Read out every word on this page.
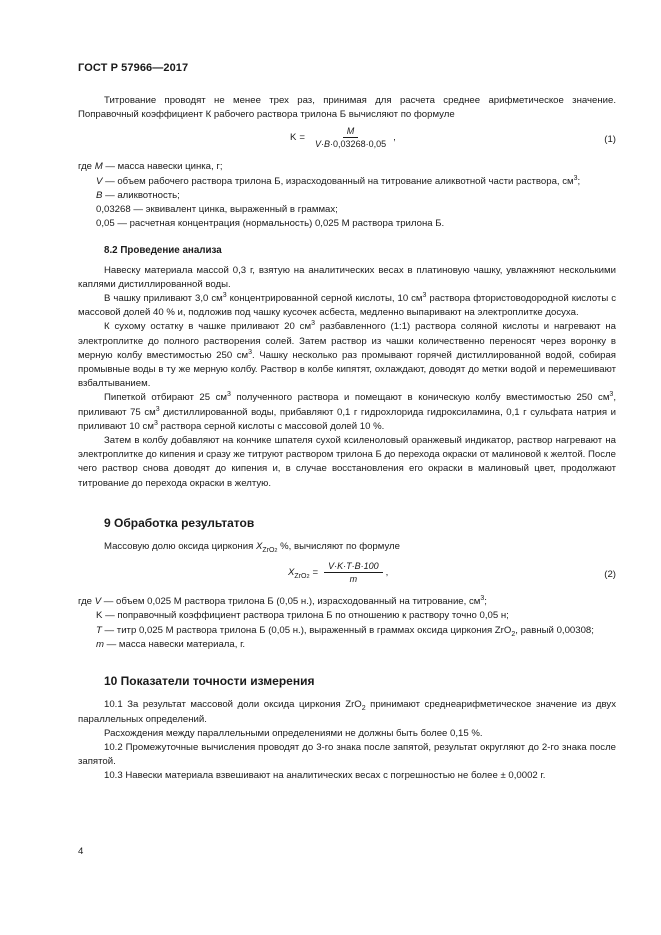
ГОСТ Р 57966—2017

Титрование проводят не менее трех раз, принимая для расчета среднее арифметическое значение. Поправочный коэффициент К рабочего раствора трилона Б вычисляют по формуле

$K = \frac{M}{V\cdot B\cdot 0,03268\cdot 0,05}$ ,	(1)

где M — масса навески цинка, г;

V — объем рабочего раствора трилона Б, израсходованный на титрование аликвотной части раствора, $см^3$;

B — аликвотность;

0,03268 — эквивалент цинка, выраженный в граммах;

0,05 — расчетная концентрация (нормальность) 0,025 М раствора трилона Б.

8.2 Проведение анализа

Навеску материала массой 0,3 г, взятую на аналитических весах в платиновую чашку, увлажняют несколькими каплями дистиллированной воды.

В чашку приливают 3,0 $см^3$ концентрированной серной кислоты, 10 $см^3$ раствора фтористоводородной кислоты с массовой долей 40 % и, подложив под чашку кусочек асбеста, медленно выпаривают на электроплитке досуха.

К сухому остатку в чашке приливают 20 $см^3$ разбавленного (1:1) раствора соляной кислоты и нагревают на электроплитке до полного растворения солей. Затем раствор из чашки количественно переносят через воронку в мерную колбу вместимостью 250 $см^3$. Чашку несколько раз промывают горячей дистиллированной водой, собирая промывные воды в ту же мерную колбу. Раствор в колбе кипятят, охлаждают, доводят до метки водой и перемешивают взбалтыванием.

Пипеткой отбирают 25 $см^3$ полученного раствора и помещают в коническую колбу вместимостью 250 $см^3$, приливают 75 $см^3$ дистиллированной воды, прибавляют 0,1 г гидрохлорида гидроксиламина, 0,1 г сульфата натрия и приливают 10 $см^3$ раствора серной кислоты с массовой долей 10 %.

Затем в колбу добавляют на кончике шпателя сухой ксиленоловый оранжевый индикатор, раствор нагревают на электроплитке до кипения и сразу же титруют раствором трилона Б до перехода окраски от малиновой к желтой. После чего раствор снова доводят до кипения и, в случае восстановления его окраски в малиновый цвет, продолжают титрование до перехода окраски в желтую.

9 Обработка результатов

Массовую долю оксида циркония $X_{ZrO2}$ %, вычисляют по формуле

$X_{ZrO2} = \frac{V\cdot K\cdot T\cdot B\cdot 100}{m}$ ,	(2)

где V — объем 0,025 М раствора трилона Б (0,05 н.), израсходованный на титрование, $см^3$;

K — поправочный коэффициент раствора трилона Б по отношению к раствору точно 0,05 н;

T — титр 0,025 М раствора трилона Б (0,05 н.), выраженный в граммах оксида циркония ZrO$_2$, равный 0,00308;

m — масса навески материала, г.

10 Показатели точности измерения

10.1 За результат массовой доли оксида циркония ZrO$_2$ принимают среднеарифметическое значение из двух параллельных определений.

Расхождения между параллельными определениями не должны быть более 0,15 %.

10.2 Промежуточные вычисления проводят до 3-го знака после запятой, результат округляют до 2-го знака после запятой.

10.3 Навески материала взвешивают на аналитических весах с погрешностью не более ± 0,0002 г.

4
